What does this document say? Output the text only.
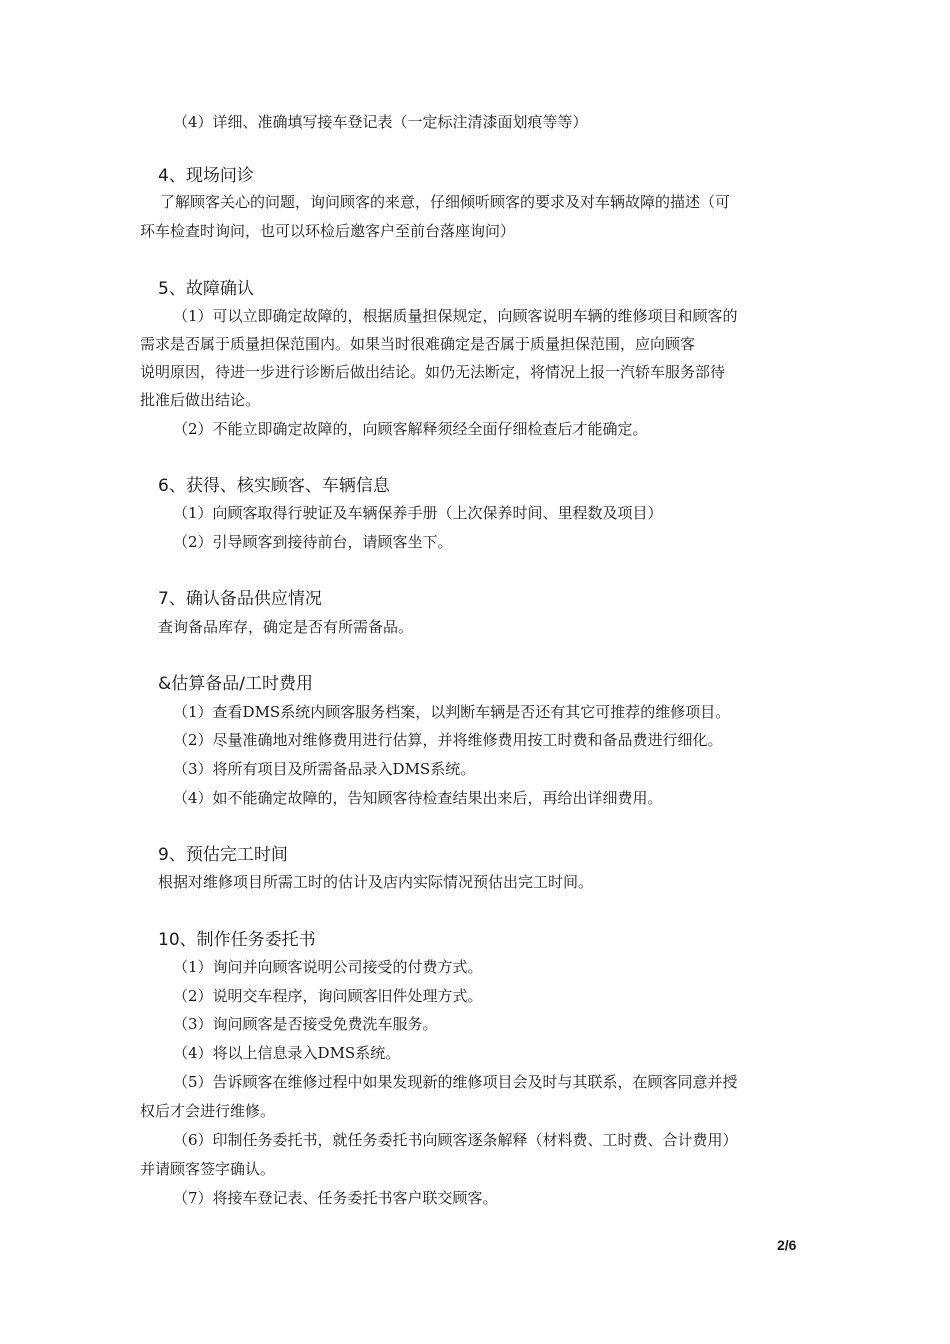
（4）详细、准确填写接车登记表（一定标注清漆面划痕等等）
4、现场问诊
了解顾客关心的问题，询问顾客的来意，仔细倾听顾客的要求及对车辆故障的描述（可
环车检查时询问，也可以环检后邀客户至前台落座询问）
5、故障确认
（1）可以立即确定故障的，根据质量担保规定，向顾客说明车辆的维修项目和顾客的
需求是否属于质量担保范围内。如果当时很难确定是否属于质量担保范围，应向顾客
说明原因，待进一步进行诊断后做出结论。如仍无法断定，将情况上报一汽轿车服务部待
批准后做出结论。
（2）不能立即确定故障的，向顾客解释须经全面仔细检查后才能确定。
6、获得、核实顾客、车辆信息
（1）向顾客取得行驶证及车辆保养手册（上次保养时间、里程数及项目）
（2）引导顾客到接待前台，请顾客坐下。
7、确认备品供应情况
查询备品库存，确定是否有所需备品。
&估算备品/工时费用
（1）查看DMS系统内顾客服务档案，以判断车辆是否还有其它可推荐的维修项目。
（2）尽量准确地对维修费用进行估算，并将维修费用按工时费和备品费进行细化。
（3）将所有项目及所需备品录入DMS系统。
（4）如不能确定故障的，告知顾客待检查结果出来后，再给出详细费用。
9、预估完工时间
根据对维修项目所需工时的估计及店内实际情况预估出完工时间。
10、制作任务委托书
（1）询问并向顾客说明公司接受的付费方式。
（2）说明交车程序，询问顾客旧件处理方式。
（3）询问顾客是否接受免费洗车服务。
（4）将以上信息录入DMS系统。
（5）告诉顾客在维修过程中如果发现新的维修项目会及时与其联系，在顾客同意并授
权后才会进行维修。
（6）印制任务委托书，就任务委托书向顾客逐条解释（材料费、工时费、合计费用）
并请顾客签字确认。
（7）将接车登记表、任务委托书客户联交顾客。
2/6
